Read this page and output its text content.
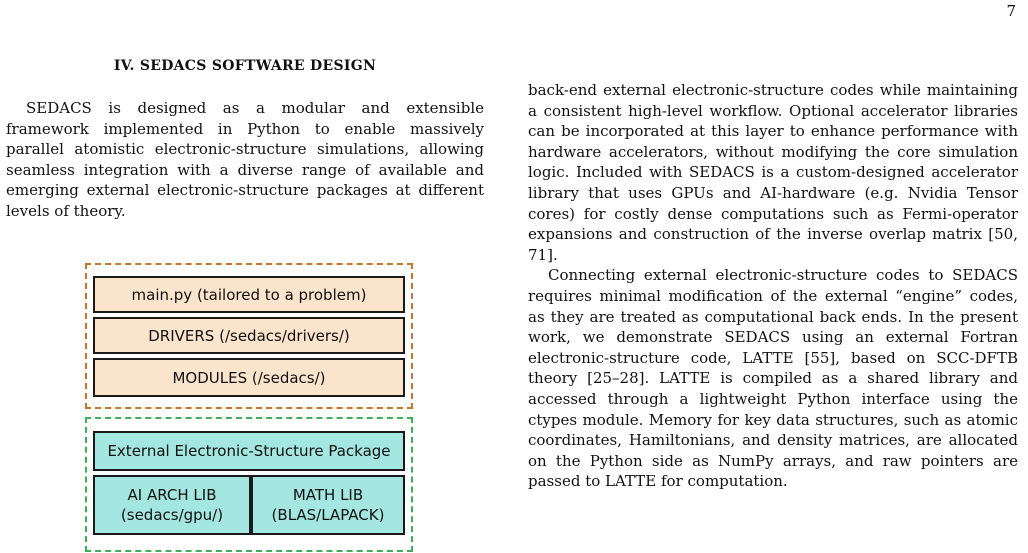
7
IV. SEDACS SOFTWARE DESIGN

SEDACS is designed as a modular and extensible framework implemented in Python to enable massively parallel atomistic electronic-structure simulations, allowing seamless integration with a diverse range of available and emerging external electronic-structure packages at different levels of theory.

main.py (tailored to a problem)
DRIVERS (/sedacs/drivers/)
MODULES (/sedacs/)
External Electronic-Structure Package
AI ARCH LIB
(sedacs/gpu/)
MATH LIB
(BLAS/LAPACK)

back-end external electronic-structure codes while maintaining a consistent high-level workflow. Optional accelerator libraries can be incorporated at this layer to enhance performance with hardware accelerators, without modifying the core simulation logic. Included with SEDACS is a custom-designed accelerator library that uses GPUs and AI-hardware (e.g. Nvidia Tensor cores) for costly dense computations such as Fermi-operator expansions and construction of the inverse overlap matrix [50, 71].

Connecting external electronic-structure codes to SEDACS requires minimal modification of the external “engine” codes, as they are treated as computational back ends. In the present work, we demonstrate SEDACS using an external Fortran electronic-structure code, LATTE [55], based on SCC-DFTB theory [25–28]. LATTE is compiled as a shared library and accessed through a lightweight Python interface using the ctypes module. Memory for key data structures, such as atomic coordinates, Hamiltonians, and density matrices, are allocated on the Python side as NumPy arrays, and raw pointers are passed to LATTE for computation.
